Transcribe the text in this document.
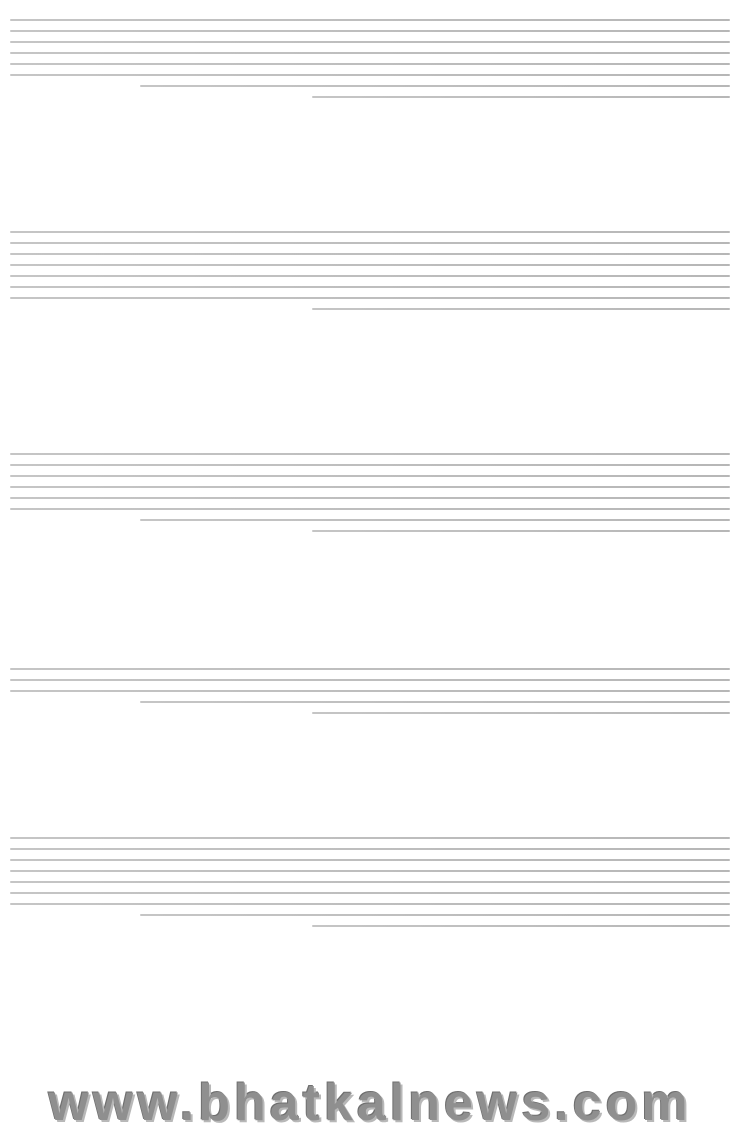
www.bhatkalnews.com
